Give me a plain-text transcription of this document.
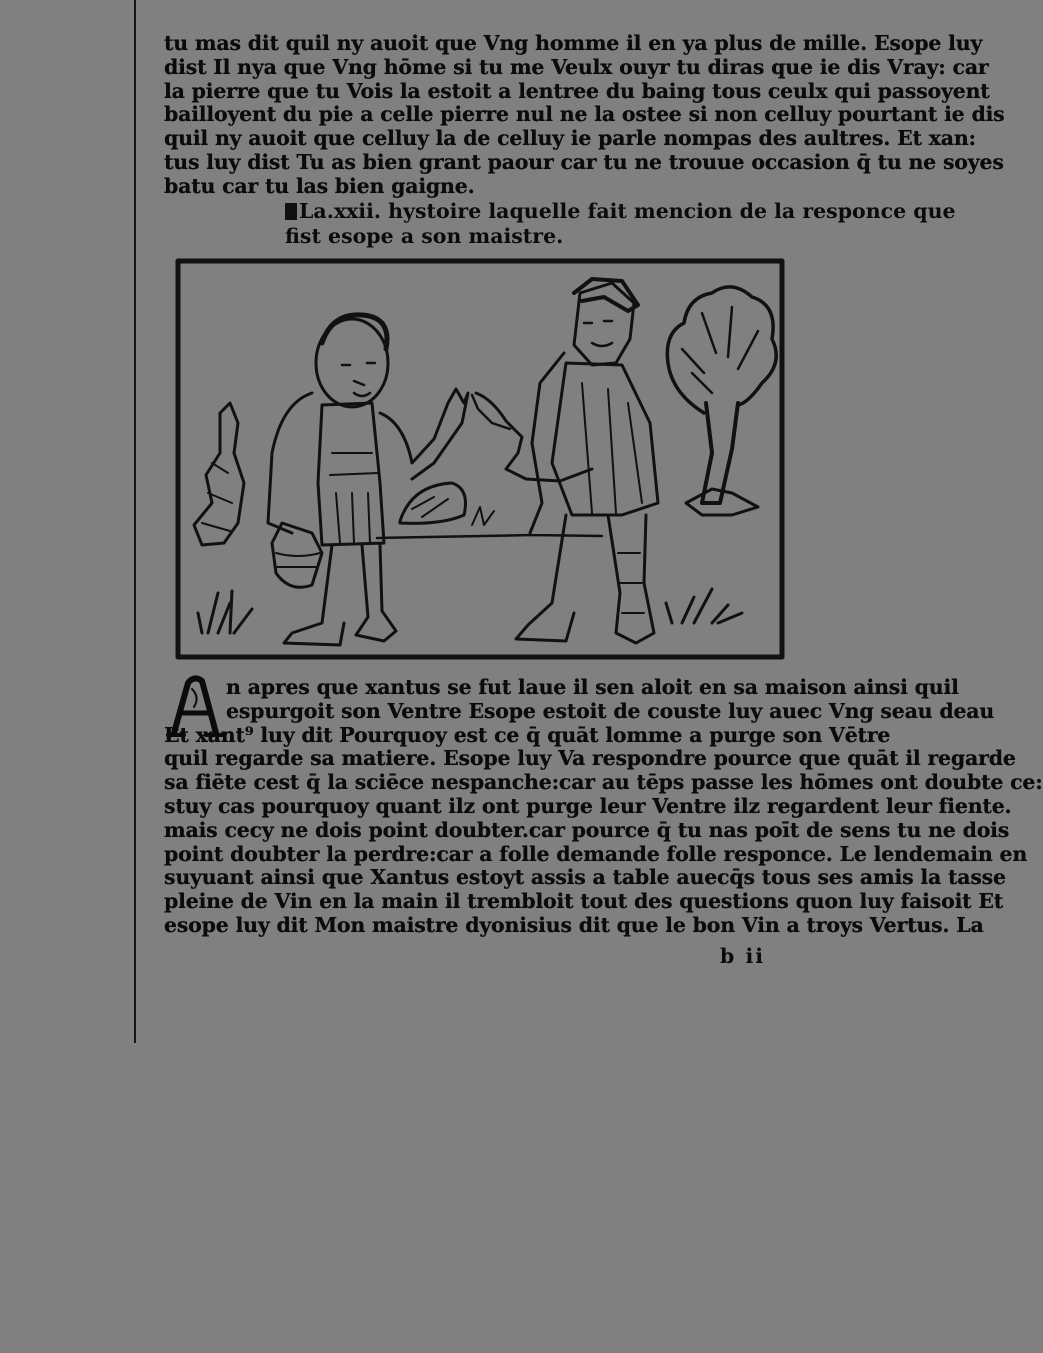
tu mas dit quil ny auoit que Vng homme il en ya plus de mille. Esope luy
dist Il nya que Vng hōme si tu me Veulx ouyr tu diras que ie dis Vray: car
la pierre que tu Vois la estoit a lentree du baing tous ceulx qui passoyent
bailloyent du pie a celle pierre nul ne la ostee si non celluy pourtant ie dis
quil ny auoit que celluy la de celluy ie parle nompas des aultres. Et xan:
tus luy dist Tu as bien grant paour car tu ne trouue occasion q̄ tu ne soyes
batu car tu las bien gaigne.
La.xxii. hystoire laquelle fait mencion de la responce que
fist esope a son maistre.
n apres que xantus se fut laue il sen aloit en sa maison ainsi quil
espurgoit son Ventre Esope estoit de couste luy auec Vng seau deau
Et xant⁹ luy dit Pourquoy est ce q̄ quāt lomme a purge son Vētre
quil regarde sa matiere. Esope luy Va respondre pource que quāt il regarde
sa fiēte cest q̄ la sciēce nespanche:car au tēps passe les hōmes ont doubte ce:
stuy cas pourquoy quant ilz ont purge leur Ventre ilz regardent leur fiente.
mais cecy ne dois point doubter.car pource q̄ tu nas poīt de sens tu ne dois
point doubter la perdre:car a folle demande folle responce. Le lendemain en
suyuant ainsi que Xantus estoyt assis a table auecq̄s tous ses amis la tasse
pleine de Vin en la main il trembloit tout des questions quon luy faisoit Et
esope luy dit Mon maistre dyonisius dit que le bon Vin a troys Vertus. La
b ii
